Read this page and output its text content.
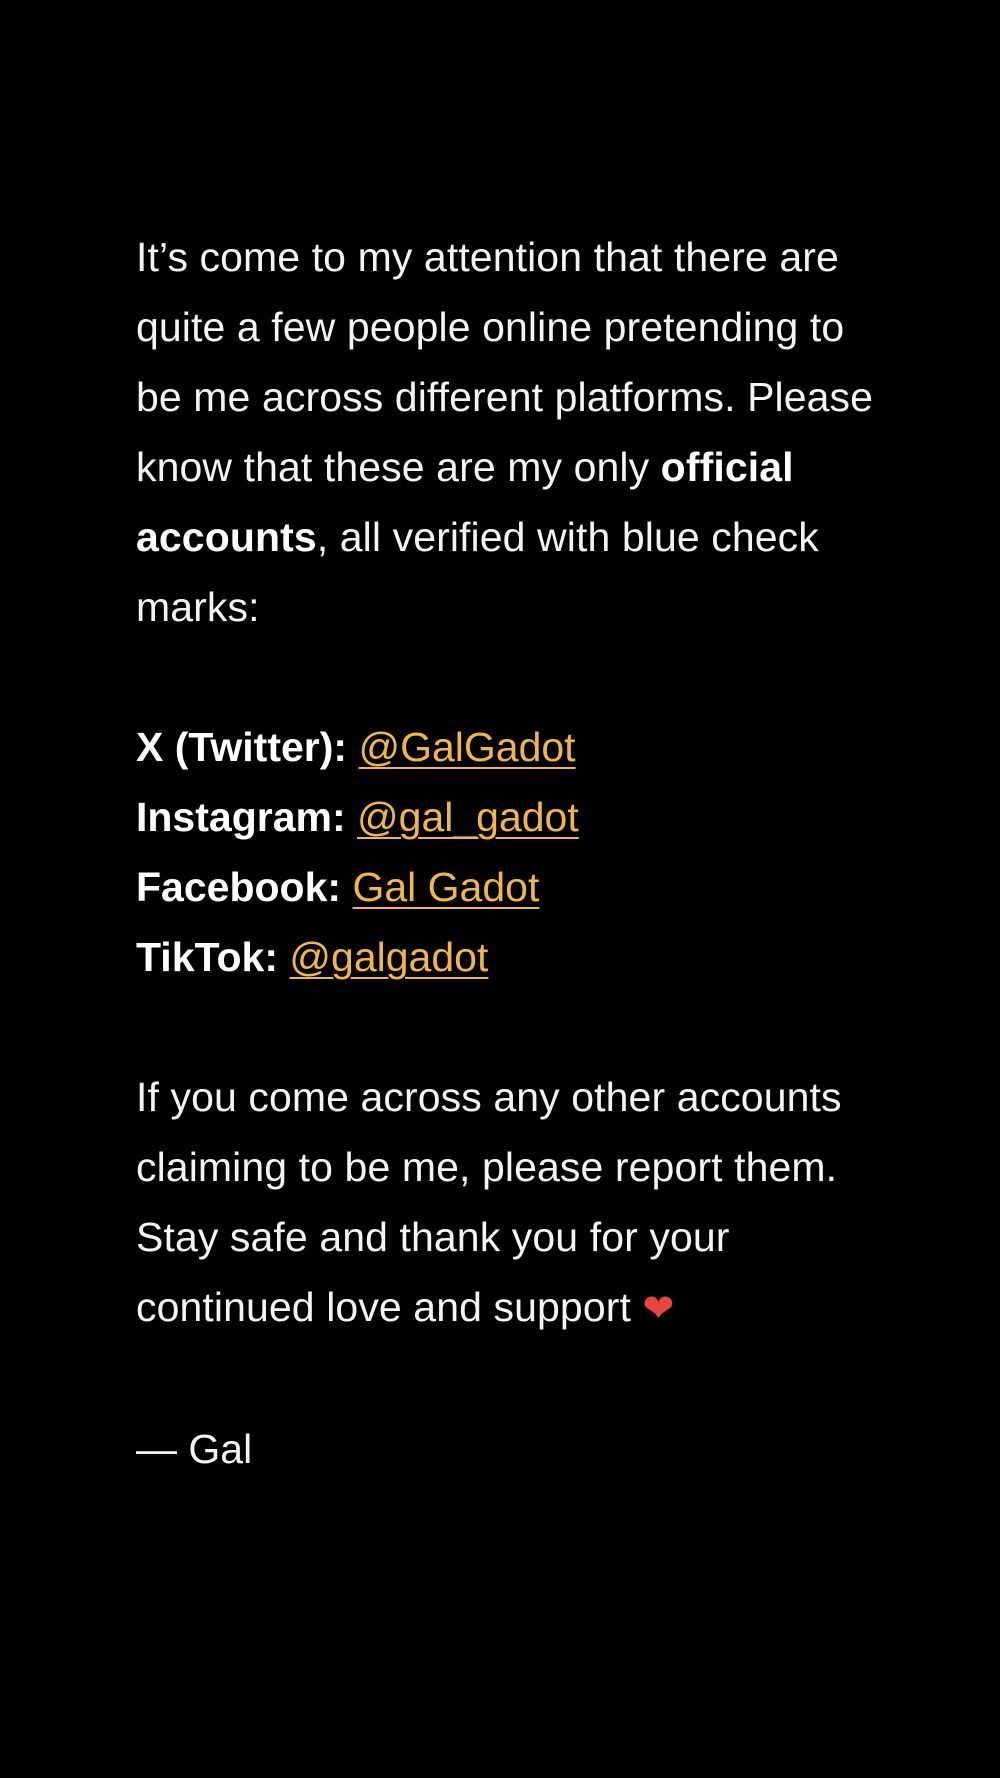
It’s come to my attention that there are quite a few people online pretending to be me across different platforms. Please know that these are my only official accounts, all verified with blue check marks:

X (Twitter): @GalGadot
Instagram: @gal_gadot
Facebook: Gal Gadot
TikTok: @galgadot

If you come across any other accounts claiming to be me, please report them. Stay safe and thank you for your continued love and support ❤

— Gal
